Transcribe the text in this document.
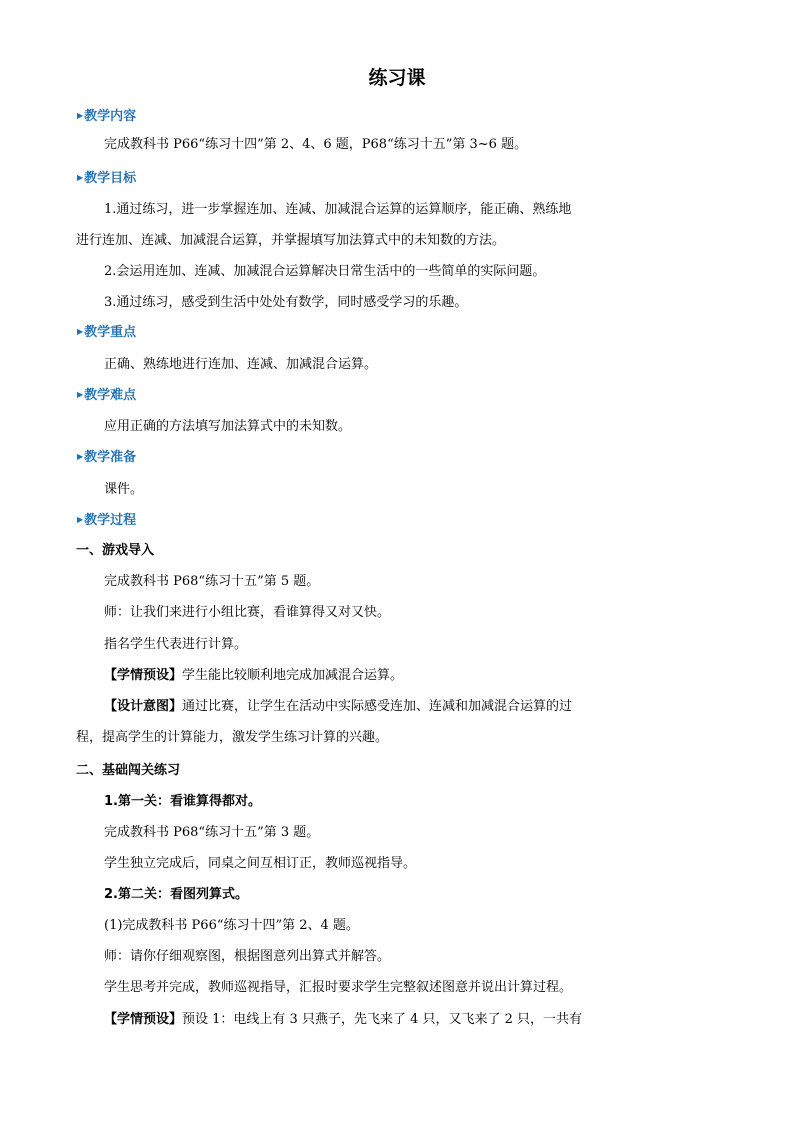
练习课
▶教学内容
完成教科书 P66“练习十四”第 2、4、6 题，P68“练习十五”第 3~6 题。
▶教学目标
1.通过练习，进一步掌握连加、连减、加减混合运算的运算顺序，能正确、熟练地
进行连加、连减、加减混合运算，并掌握填写加法算式中的未知数的方法。
2.会运用连加、连减、加减混合运算解决日常生活中的一些简单的实际问题。
3.通过练习，感受到生活中处处有数学，同时感受学习的乐趣。
▶教学重点
正确、熟练地进行连加、连减、加减混合运算。
▶教学难点
应用正确的方法填写加法算式中的未知数。
▶教学准备
课件。
▶教学过程
一、游戏导入
完成教科书 P68“练习十五”第 5 题。
师：让我们来进行小组比赛，看谁算得又对又快。
指名学生代表进行计算。
【学情预设】学生能比较顺利地完成加减混合运算。
【设计意图】通过比赛，让学生在活动中实际感受连加、连减和加减混合运算的过
程，提高学生的计算能力，激发学生练习计算的兴趣。
二、基础闯关练习
1.第一关：看谁算得都对。
完成教科书 P68“练习十五”第 3 题。
学生独立完成后，同桌之间互相订正，教师巡视指导。
2.第二关：看图列算式。
(1)完成教科书 P66“练习十四”第 2、4 题。
师：请你仔细观察图，根据图意列出算式并解答。
学生思考并完成，教师巡视指导，汇报时要求学生完整叙述图意并说出计算过程。
【学情预设】预设 1：电线上有 3 只燕子，先飞来了 4 只，又飞来了 2 只，一共有
